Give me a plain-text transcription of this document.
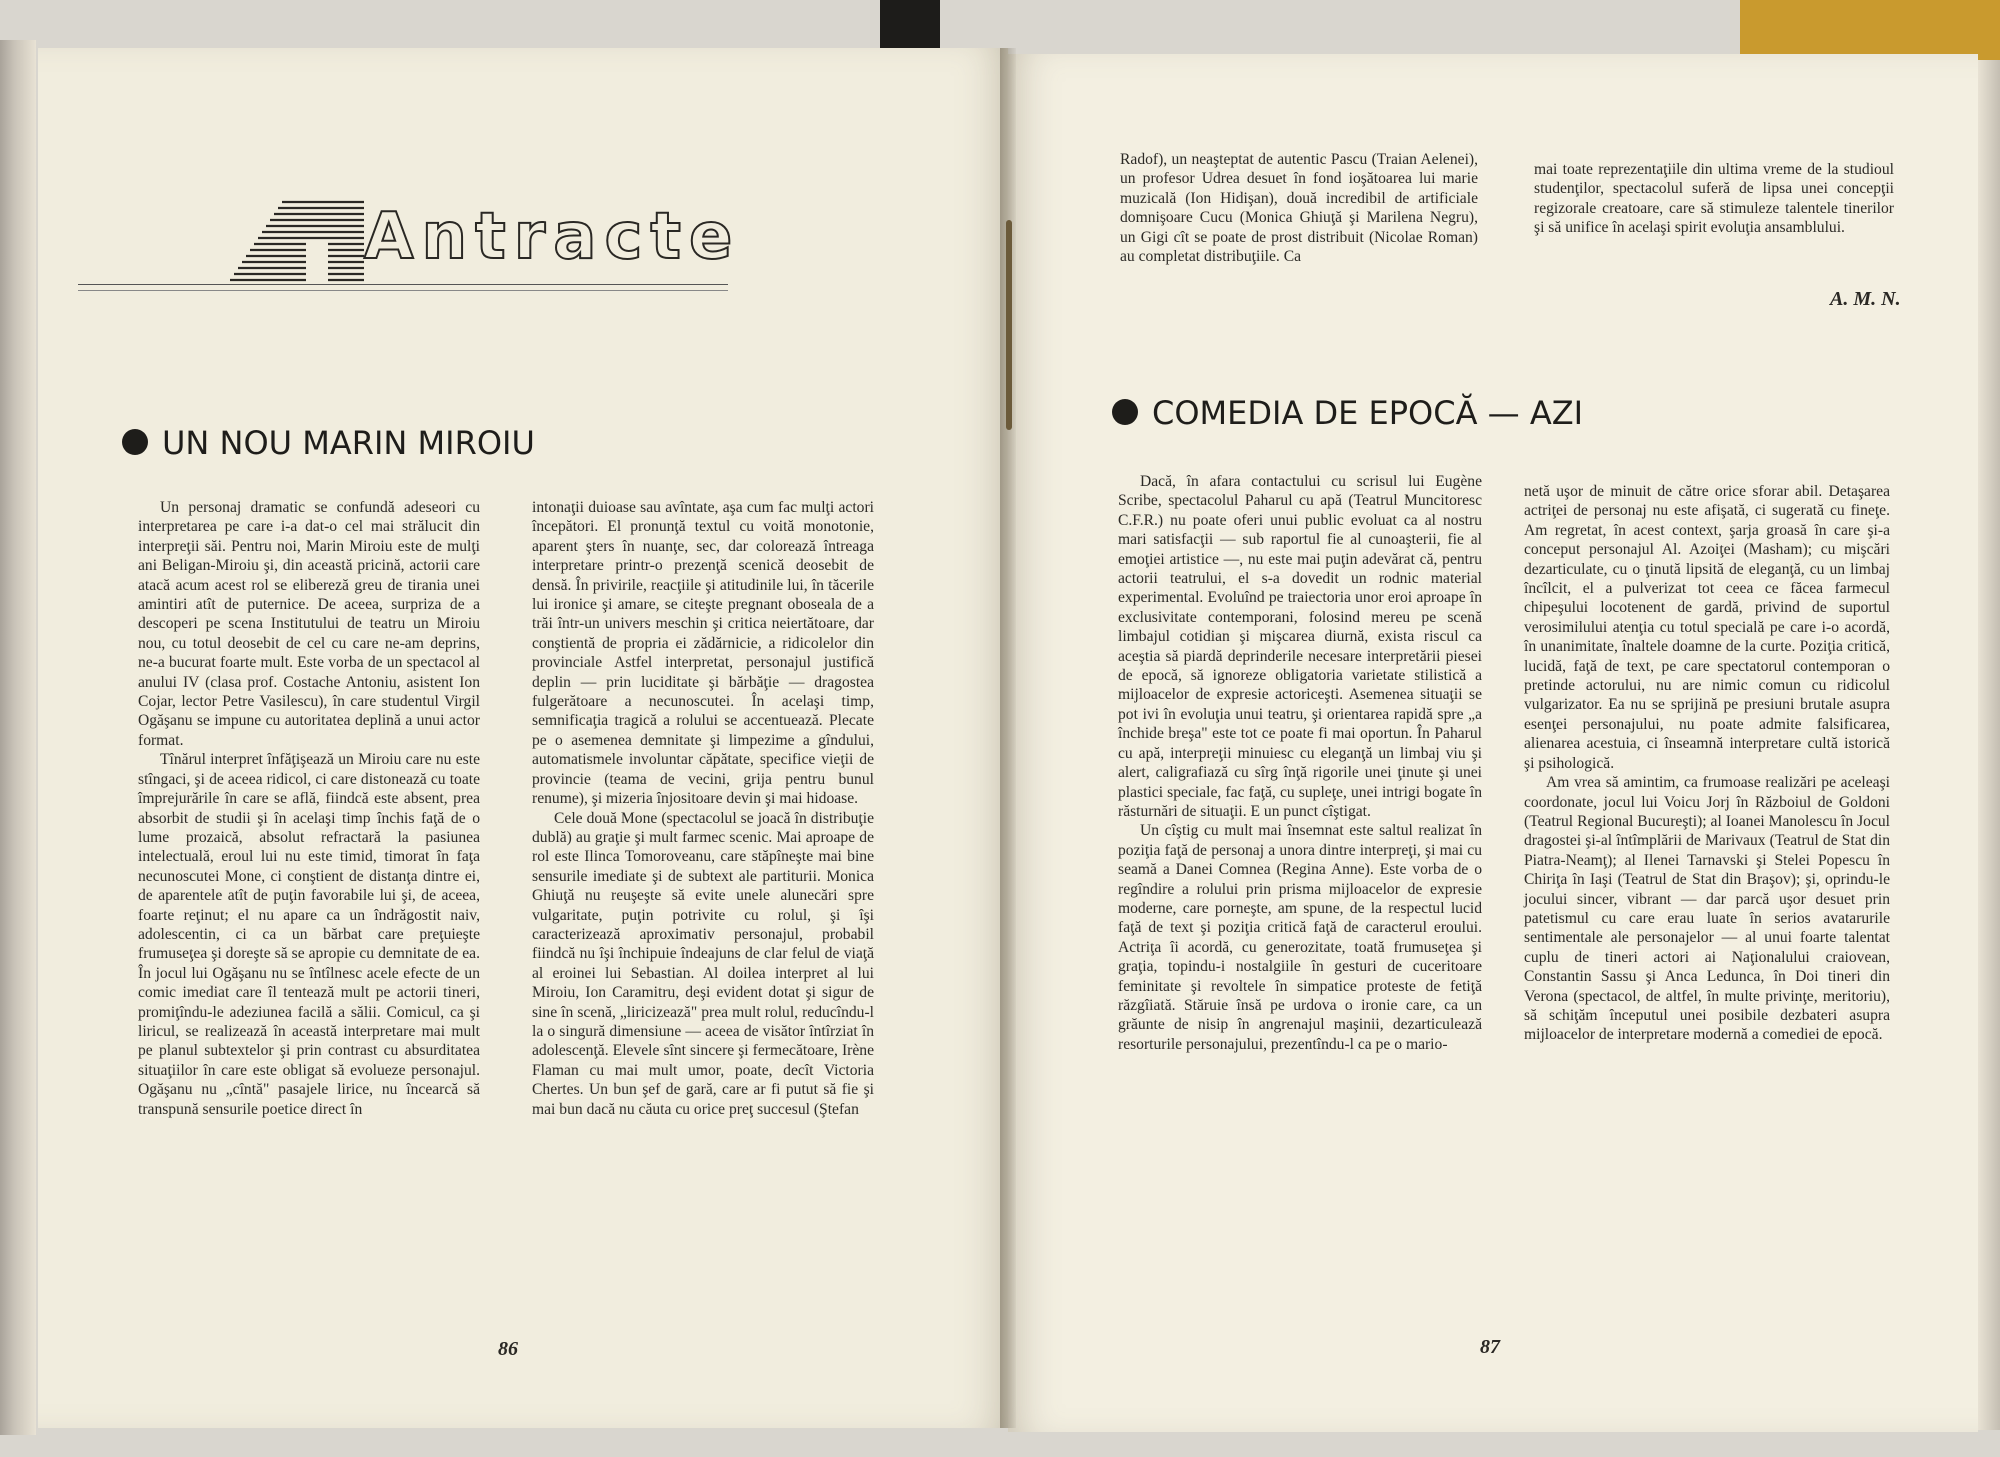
Antracte
UN NOU MARIN MIROIU

Un personaj dramatic se confundă adeseori cu interpretarea pe care i-a dat-o cel mai strălucit din interpreţii săi. Pentru noi, Marin Miroiu este de mulţi ani Beligan-Miroiu şi, din această pricină, actorii care atacă acum acest rol se elibereză greu de tirania unei amintiri atît de puternice. De aceea, surpriza de a descoperi pe scena Institutului de teatru un Miroiu nou, cu totul deosebit de cel cu care ne-am deprins, ne-a bucurat foarte mult. Este vorba de un spectacol al anului IV (clasa prof. Costache Antoniu, asistent Ion Cojar, lector Petre Vasilescu), în care studentul Virgil Ogăşanu se impune cu autoritatea deplină a unui actor format.

Tînărul interpret înfăţişează un Miroiu care nu este stîngaci, şi de aceea ridicol, ci care distonează cu toate împrejurările în care se află, fiindcă este absent, prea absorbit de studii şi în acelaşi timp închis faţă de o lume prozaică, absolut refractară la pasiunea intelectuală, eroul lui nu este timid, timorat în faţa necunoscutei Mone, ci conştient de distanţa dintre ei, de aparentele atît de puţin favorabile lui şi, de aceea, foarte reţinut; el nu apare ca un îndrăgostit naiv, adolescentin, ci ca un bărbat care preţuieşte frumuseţea şi doreşte să se apropie cu demnitate de ea. În jocul lui Ogăşanu nu se întîlnesc acele efecte de un comic imediat care îl tentează mult pe actorii tineri, promiţîndu-le adeziunea facilă a sălii. Comicul, ca şi liricul, se realizează în această interpretare mai mult pe planul subtextelor şi prin contrast cu absurditatea situaţiilor în care este obligat să evolueze personajul. Ogăşanu nu „cîntă" pasajele lirice, nu încearcă să transpună sensurile poetice direct în

intonaţii duioase sau avîntate, aşa cum fac mulţi actori începători. El pronunţă textul cu voită monotonie, aparent şters în nuanţe, sec, dar colorează întreaga interpretare printr-o prezenţă scenică deosebit de densă. În privirile, reacţiile şi atitudinile lui, în tăcerile lui ironice şi amare, se citeşte pregnant oboseala de a trăi într-un univers meschin şi critica neiertătoare, dar conştientă de propria ei zădărnicie, a ridicolelor din provinciale Astfel interpretat, personajul justifică deplin — prin luciditate şi bărbăţie — dragostea fulgerătoare a necunoscutei. În acelaşi timp, semnificaţia tragică a rolului se accentuează. Plecate pe o asemenea demnitate şi limpezime a gîndului, automatismele involuntar căpătate, specifice vieţii de provincie (teama de vecini, grija pentru bunul renume), şi mizeria înjositoare devin şi mai hidoase.

Cele două Mone (spectacolul se joacă în distribuţie dublă) au graţie şi mult farmec scenic. Mai aproape de rol este Ilinca Tomoroveanu, care stăpîneşte mai bine sensurile imediate şi de subtext ale partiturii. Monica Ghiuţă nu reuşeşte să evite unele alunecări spre vulgaritate, puţin potrivite cu rolul, şi îşi caracterizează aproximativ personajul, probabil fiindcă nu îşi închipuie îndeajuns de clar felul de viaţă al eroinei lui Sebastian. Al doilea interpret al lui Miroiu, Ion Caramitru, deşi evident dotat şi sigur de sine în scenă, „liricizează" prea mult rolul, reducîndu-l la o singură dimensiune — aceea de visător întîrziat în adolescenţă. Elevele sînt sincere şi fermecătoare, Irène Flaman cu mai mult umor, poate, decît Victoria Chertes. Un bun şef de gară, care ar fi putut să fie şi mai bun dacă nu căuta cu orice preţ succesul (Ştefan

86

Radof), un neaşteptat de autentic Pascu (Traian Aelenei), un profesor Udrea desuet în fond ioşătoarea lui marie muzicală (Ion Hidişan), două incredibil de artificiale domnişoare Cucu (Monica Ghiuţă şi Marilena Negru), un Gigi cît se poate de prost distribuit (Nicolae Roman) au completat distribuţiile. Ca

mai toate reprezentaţiile din ultima vreme de la studioul studenţilor, spectacolul suferă de lipsa unei concepţii regizorale creatoare, care să stimuleze talentele tinerilor şi să unifice în acelaşi spirit evoluţia ansamblului.

A. M. N.
COMEDIA DE EPOCĂ — AZI

Dacă, în afara contactului cu scrisul lui Eugène Scribe, spectacolul Paharul cu apă (Teatrul Muncitoresc C.F.R.) nu poate oferi unui public evoluat ca al nostru mari satisfacţii — sub raportul fie al cunoaşterii, fie al emoţiei artistice —, nu este mai puţin adevărat că, pentru actorii teatrului, el s-a dovedit un rodnic material experimental. Evoluînd pe traiectoria unor eroi aproape în exclusivitate contemporani, folosind mereu pe scenă limbajul cotidian şi mişcarea diurnă, exista riscul ca aceştia să piardă deprinderile necesare interpretării piesei de epocă, să ignoreze obligatoria varietate stilistică a mijloacelor de expresie actoriceşti. Asemenea situaţii se pot ivi în evoluţia unui teatru, şi orientarea rapidă spre „a închide breşa" este tot ce poate fi mai oportun. În Paharul cu apă, interpreţii minuiesc cu eleganţă un limbaj viu şi alert, caligrafiază cu sîrg înţă rigorile unei ţinute şi unei plastici speciale, fac faţă, cu supleţe, unei intrigi bogate în răsturnări de situaţii. E un punct cîştigat.

Un cîştig cu mult mai însemnat este saltul realizat în poziţia faţă de personaj a unora dintre interpreţi, şi mai cu seamă a Danei Comnea (Regina Anne). Este vorba de o regîndire a rolului prin prisma mijloacelor de expresie moderne, care porneşte, am spune, de la respectul lucid faţă de text şi poziţia critică faţă de caracterul eroului. Actriţa îi acordă, cu generozitate, toată frumuseţea şi graţia, topindu-i nostalgiile în gesturi de cuceritoare feminitate şi revoltele în simpatice proteste de fetiţă răzgîiată. Stăruie însă pe urdova o ironie care, ca un grăunte de nisip în angrenajul maşinii, dezarticulează resorturile personajului, prezentîndu-l ca pe o mario-

netă uşor de minuit de către orice sforar abil. Detaşarea actriţei de personaj nu este afişată, ci sugerată cu fineţe. Am regretat, în acest context, şarja groasă în care şi-a conceput personajul Al. Azoiţei (Masham); cu mişcări dezarticulate, cu o ţinută lipsită de eleganţă, cu un limbaj încîlcit, el a pulverizat tot ceea ce făcea farmecul chipeşului locotenent de gardă, privind de suportul verosimilului atenţia cu totul specială pe care i-o acordă, în unanimitate, înaltele doamne de la curte. Poziţia critică, lucidă, faţă de text, pe care spectatorul contemporan o pretinde actorului, nu are nimic comun cu ridicolul vulgarizator. Ea nu se sprijină pe presiuni brutale asupra esenţei personajului, nu poate admite falsificarea, alienarea acestuia, ci înseamnă interpretare cultă istorică şi psihologică.

Am vrea să amintim, ca frumoase realizări pe aceleaşi coordonate, jocul lui Voicu Jorj în Războiul de Goldoni (Teatrul Regional Bucureşti); al Ioanei Manolescu în Jocul dragostei şi-al întîmplării de Marivaux (Teatrul de Stat din Piatra-Neamţ); al Ilenei Tarnavski şi Stelei Popescu în Chiriţa în Iaşi (Teatrul de Stat din Braşov); şi, oprindu-le jocului sincer, vibrant — dar parcă uşor desuet prin patetismul cu care erau luate în serios avatarurile sentimentale ale personajelor — al unui foarte talentat cuplu de tineri actori ai Naţionalului craiovean, Constantin Sassu şi Anca Ledunca, în Doi tineri din Verona (spectacol, de altfel, în multe privinţe, meritoriu), să schiţăm începutul unei posibile dezbateri asupra mijloacelor de interpretare modernă a comediei de epocă.

87
